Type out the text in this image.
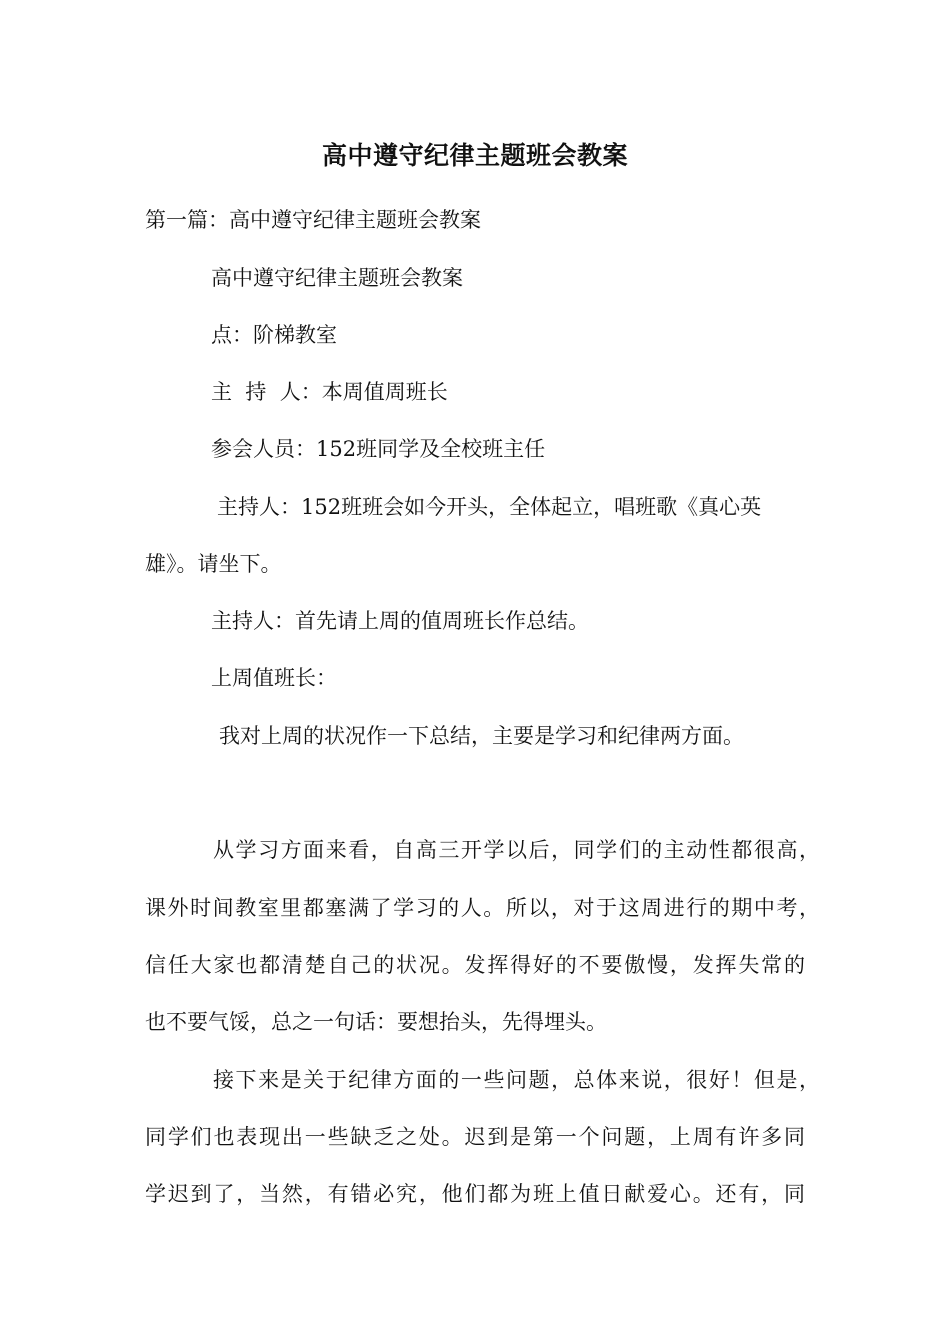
高中遵守纪律主题班会教案
第一篇：高中遵守纪律主题班会教案
高中遵守纪律主题班会教案
点：阶梯教室
主  持  人：本周值周班长
参会人员：152班同学及全校班主任
主持人：152班班会如今开头，全体起立，唱班歌《真心英
雄》。请坐下。
主持人：首先请上周的值周班长作总结。
上周值班长：
我对上周的状况作一下总结，主要是学习和纪律两方面。
从学习方面来看，自高三开学以后，同学们的主动性都很高，
课外时间教室里都塞满了学习的人。所以，对于这周进行的期中考，
信任大家也都清楚自己的状况。发挥得好的不要傲慢，发挥失常的
也不要气馁，总之一句话：要想抬头，先得埋头。
接下来是关于纪律方面的一些问题，总体来说，很好！但是，
同学们也表现出一些缺乏之处。迟到是第一个问题，上周有许多同
学迟到了，当然，有错必究，他们都为班上值日献爱心。还有，同
